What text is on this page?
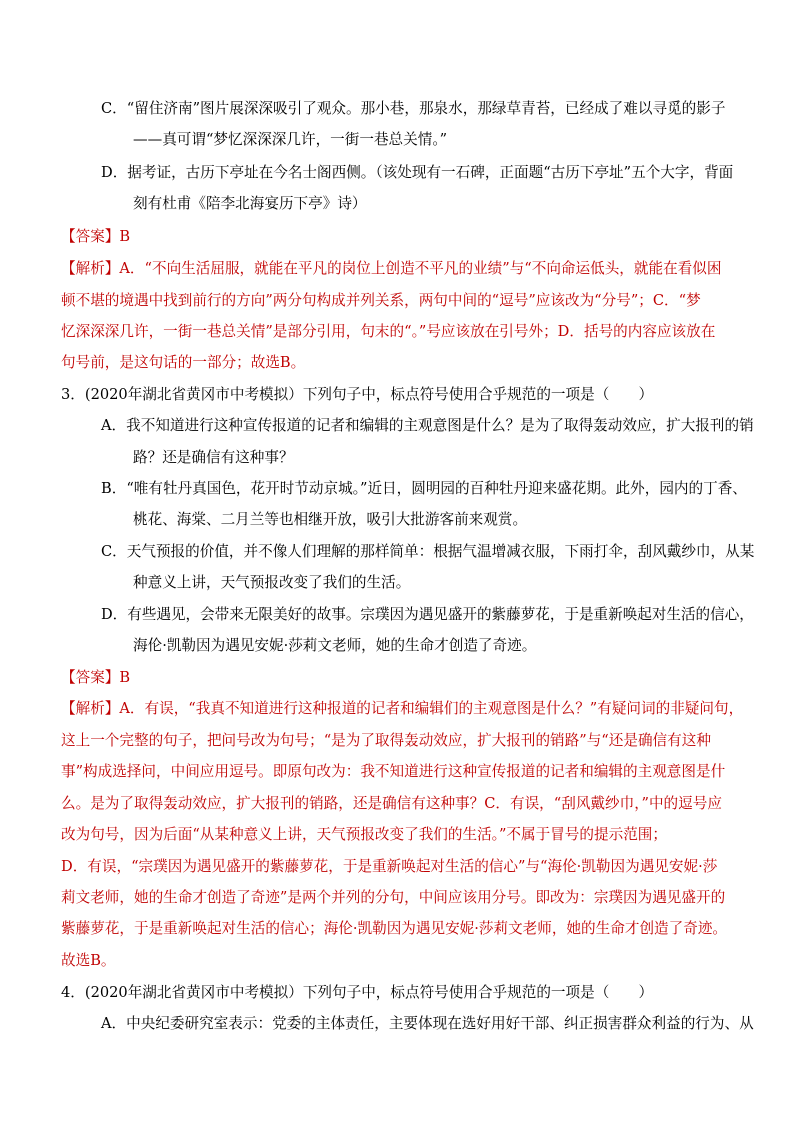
C．“留住济南”图片展深深吸引了观众。那小巷，那泉水，那绿草青苔，已经成了难以寻觅的影子
——真可谓“梦忆深深深几许，一街一巷总关情。”
D．据考证，古历下亭址在今名士阁西侧。（该处现有一石碑，正面题“古历下亭址”五个大字，背面
刻有杜甫《陪李北海宴历下亭》诗）
【答案】B
【解析】A．“不向生活屈服，就能在平凡的岗位上创造不平凡的业绩”与“不向命运低头，就能在看似困
顿不堪的境遇中找到前行的方向”两分句构成并列关系，两句中间的“逗号”应该改为“分号”；C．“梦
忆深深深几许，一街一巷总关情”是部分引用，句末的“。”号应该放在引号外；D．括号的内容应该放在
句号前，是这句话的一部分；故选B。
3．(2020年湖北省黄冈市中考模拟）下列句子中，标点符号使用合乎规范的一项是（　　）
A．我不知道进行这种宣传报道的记者和编辑的主观意图是什么？是为了取得轰动效应，扩大报刊的销
路？还是确信有这种事？
B．“唯有牡丹真国色，花开时节动京城。”近日，圆明园的百种牡丹迎来盛花期。此外，园内的丁香、
桃花、海棠、二月兰等也相继开放，吸引大批游客前来观赏。
C．天气预报的价值，并不像人们理解的那样简单：根据气温增减衣服，下雨打伞，刮风戴纱巾，从某
种意义上讲，天气预报改变了我们的生活。
D．有些遇见，会带来无限美好的故事。宗璞因为遇见盛开的紫藤萝花，于是重新唤起对生活的信心，
海伦·凯勒因为遇见安妮·莎莉文老师，她的生命才创造了奇迹。
【答案】B
【解析】A．有误，“我真不知道进行这种报道的记者和编辑们的主观意图是什么？”有疑问词的非疑问句，
这上一个完整的句子，把问号改为句号；“是为了取得轰动效应，扩大报刊的销路”与“还是确信有这种
事”构成选择问，中间应用逗号。即原句改为：我不知道进行这种宣传报道的记者和编辑的主观意图是什
么。是为了取得轰动效应，扩大报刊的销路，还是确信有这种事？C．有误，“刮风戴纱巾，”中的逗号应
改为句号，因为后面“从某种意义上讲，天气预报改变了我们的生活。”不属于冒号的提示范围；
D．有误，“宗璞因为遇见盛开的紫藤萝花，于是重新唤起对生活的信心”与“海伦·凯勒因为遇见安妮·莎
莉文老师，她的生命才创造了奇迹”是两个并列的分句，中间应该用分号。即改为：宗璞因为遇见盛开的
紫藤萝花，于是重新唤起对生活的信心；海伦·凯勒因为遇见安妮·莎莉文老师，她的生命才创造了奇迹。
故选B。
4．(2020年湖北省黄冈市中考模拟）下列句子中，标点符号使用合乎规范的一项是（　　）
A．中央纪委研究室表示：党委的主体责任，主要体现在选好用好干部、纠正损害群众利益的行为、从
